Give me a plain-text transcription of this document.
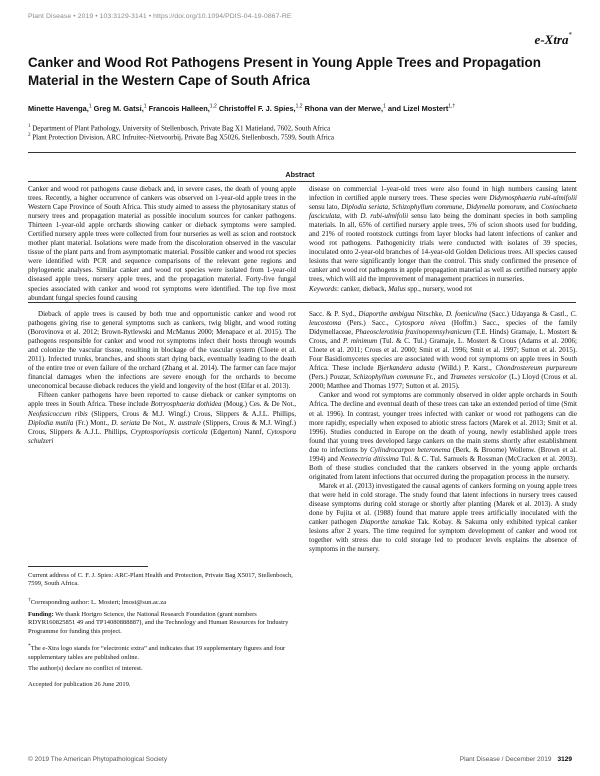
Plant Disease • 2019 • 103:3129-3141 • https://doi.org/10.1094/PDIS-04-19-0867-RE
e-Xtra*
Canker and Wood Rot Pathogens Present in Young Apple Trees and Propagation Material in the Western Cape of South Africa
Minette Havenga,$^1$ Greg M. Gatsi,$^1$ Francois Halleen,$^{1,2}$ Christoffel F. J. Spies,$^{1,2}$ Rhona van der Merwe,$^1$ and Lizel Mostert$^{1,\dagger}$
$^1$ Department of Plant Pathology, University of Stellenbosch, Private Bag X1 Matieland, 7602, South Africa
$^2$ Plant Protection Division, ARC Infruitec-Nietvoorbij, Private Bag X5026, Stellenbosch, 7599, South Africa
Abstract

Canker and wood rot pathogens cause dieback and, in severe cases, the death of young apple trees. Recently, a higher occurrence of cankers was observed on 1-year-old apple trees in the Western Cape Province of South Africa. This study aimed to assess the phytosanitary status of nursery trees and propagation material as possible inoculum sources for canker pathogens. Thirteen 1-year-old apple orchards showing canker or dieback symptoms were sampled. Certified nursery apple trees were collected from four nurseries as well as scion and rootstock mother plant material. Isolations were made from the discoloration observed in the vascular tissue of the plant parts and from asymptomatic material. Possible canker and wood rot species were identified with PCR and sequence comparisons of the relevant gene regions and phylogenetic analyses. Similar canker and wood rot species were isolated from 1-year-old diseased apple trees, nursery apple trees, and the propagation material. Forty-five fungal species associated with canker and wood rot symptoms were identified. The top five most abundant fungal species found causing

disease on commercial 1-year-old trees were also found in high numbers causing latent infection in certified apple nursery trees. These species were Didymosphaeria rubi-ulmifolii sensu lato, Diplodia seriata, Schizophyllum commune, Didymella pomorum, and Coniochaeta fasciculata, with D. rubi-ulmifolii sensu lato being the dominant species in both sampling materials. In all, 65% of certified nursery apple trees, 5% of scion shoots used for budding, and 21% of rooted rootstock cuttings from layer blocks had latent infections of canker and wood rot pathogens. Pathogenicity trials were conducted with isolates of 39 species, inoculated onto 2-year-old branches of 14-year-old Golden Delicious trees. All species caused lesions that were significantly longer than the control. This study confirmed the presence of canker and wood rot pathogens in apple propagation material as well as certified nursery apple trees, which will aid the improvement of management practices in nurseries.

Keywords: canker, dieback, Malus spp., nursery, wood rot

Dieback of apple trees is caused by both true and opportunistic canker and wood rot pathogens giving rise to general symptoms such as cankers, twig blight, and wood rotting (Borovinova et al. 2012; Brown-Rytlewski and McManus 2000; Menapace et al. 2015). The pathogens responsible for canker and wood rot symptoms infect their hosts through wounds and colonize the vascular tissue, resulting in blockage of the vascular system (Cloete et al. 2011). Infected trunks, branches, and shoots start dying back, eventually leading to the death of the entire tree or even failure of the orchard (Zhang et al. 2014). The farmer can face major financial damages when the infections are severe enough for the orchards to become uneconomical because dieback reduces the yield and longevity of the host (Elfar et al. 2013).

Fifteen canker pathogens have been reported to cause dieback or canker symptoms on apple trees in South Africa. These include Botryosphaeria dothidea (Moug.) Ces. & De Not., Neofusicoccum ribis (Slippers, Crous & M.J. Wingf.) Crous, Slippers & A.J.L. Phillips, Diplodia mutila (Fr.) Mont., D. seriata De Not., N. australe (Slippers, Crous & M.J. Wingf.) Crous, Slippers & A.J.L. Phillips, Cryptosporiopsis corticola (Edgerton) Nannf, Cytospora schulzeri

Current address of C. F. J. Spies: ARC-Plant Health and Protection, Private Bag X5017, Stellenbosch, 7599, South Africa.
†Corresponding author: L. Mostert; lmost@sun.ac.za
Funding: We thank Hortgro Science, the National Research Foundation (grant numbers RDYR160825851 49 and TP14080888887), and the Technology and Human Resources for Industry Programme for funding this project.
*The e-Xtra logo stands for “electronic extra” and indicates that 19 supplementary figures and four supplementary tables are published online.
The author(s) declare no conflict of interest.
Accepted for publication 26 June 2019.

Sacc. & P. Syd., Diaporthe ambigua Nitschke, D. foeniculina (Sacc.) Udayanga & Castl., C. leucostoma (Pers.) Sacc., Cytospora nivea (Hoffm.) Sacc., species of the family Didymellaceae, Phaeosclerotinia fraxinopennsylvanicum (T.E. Hinds) Gramaje, L. Mostert & Crous, and P. minimum (Tul. & C. Tul.) Gramaje, L. Mostert & Crous (Adams et al. 2006; Cloete et al. 2011; Crous et al. 2000; Smit et al. 1996; Smit et al. 1997; Sutton et al. 2015). Four Basidiomycetes species are associated with wood rot symptoms on apple trees in South Africa. These include Bjerkandera adusta (Willd.) P. Karst., Chondrostereum purpureum (Pers.) Pouzar, Schizophyllum commune Fr., and Trametes versicolor (L.) Lloyd (Crous et al. 2000; Matthee and Thomas 1977; Sutton et al. 2015).

Canker and wood rot symptoms are commonly observed in older apple orchards in South Africa. The decline and eventual death of these trees can take an extended period of time (Smit et al. 1996). In contrast, younger trees infected with canker or wood rot pathogens can die more rapidly, especially when exposed to abiotic stress factors (Marek et al. 2013; Smit et al. 1996). Studies conducted in Europe on the death of young, newly established apple trees found that young trees developed large cankers on the main stems shortly after establishment due to infections by Cylindrocarpon heteronema (Berk. & Broome) Wollenw. (Brown et al. 1994) and Neonectria ditissima Tul. & C. Tul. Samuels & Rossman (McCracken et al. 2003). Both of these studies concluded that the cankers observed in the young apple orchards originated from latent infections that occurred during the propagation process in the nursery.

Marek et al. (2013) investigated the causal agents of cankers forming on young apple trees that were held in cold storage. The study found that latent infections in nursery trees caused disease symptoms during cold storage or shortly after planting (Marek et al. 2013). A study done by Fujita et al. (1988) found that mature apple trees artificially inoculated with the canker pathogen Diaporthe tanakae Tak. Kobay. & Sakuma only exhibited typical canker lesions after 2 years. The time required for symptom development of canker and wood rot together with stress due to cold storage led to producer levels explains the absence of symptoms in the nursery.

© 2019 The American Phytopathological Society	Plant Disease / December 2019 3129
